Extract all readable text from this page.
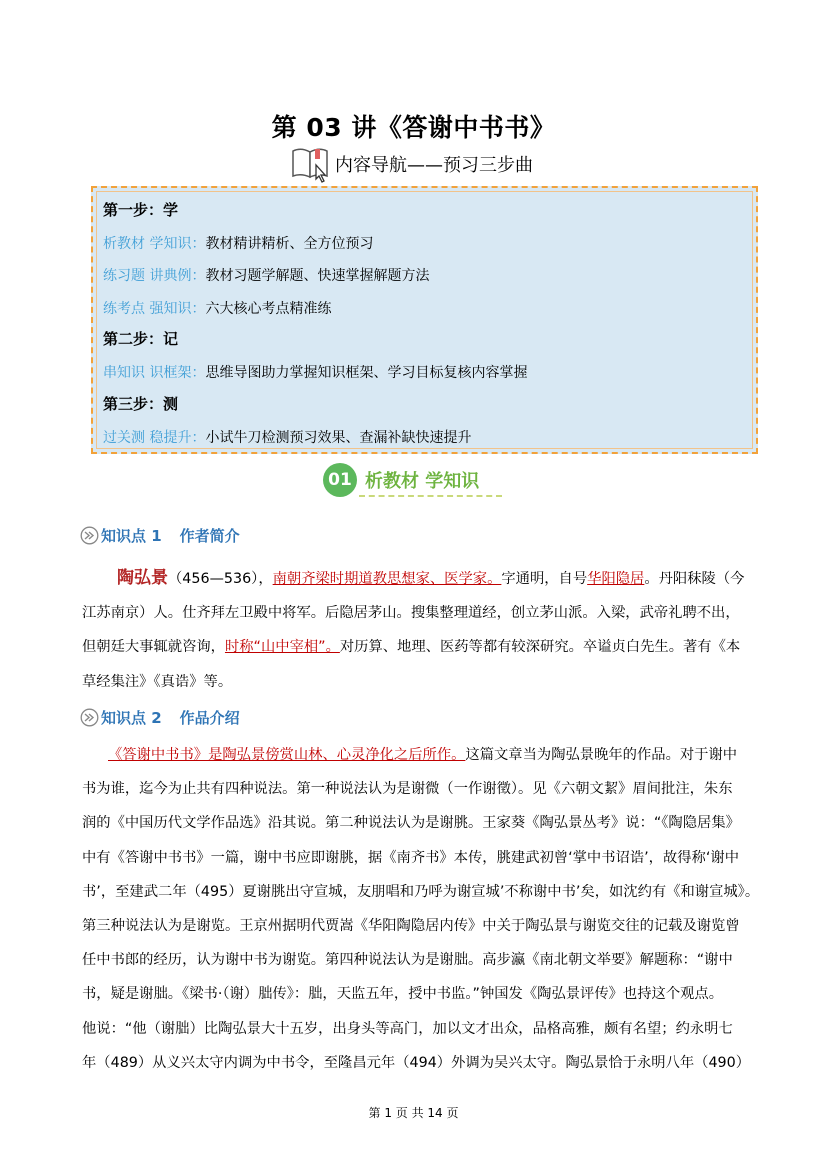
第 03 讲《答谢中书书》
内容导航——预习三步曲
第一步：学
析教材 学知识：教材精讲精析、全方位预习
练习题 讲典例：教材习题学解题、快速掌握解题方法
练考点 强知识：六大核心考点精准练
第二步：记
串知识 识框架：思维导图助力掌握知识框架、学习目标复核内容掌握
第三步：测
过关测 稳提升：小试牛刀检测预习效果、查漏补缺快速提升
01 析教材 学知识
知识点 1 作者简介

陶弘景（456—536），南朝齐梁时期道教思想家、医学家。字通明，自号华阳隐居。丹阳秣陵（今

江苏南京）人。仕齐拜左卫殿中将军。后隐居茅山。搜集整理道经，创立茅山派。入梁，武帝礼聘不出，

但朝廷大事辄就咨询，时称“山中宰相”。对历算、地理、医药等都有较深研究。卒谥贞白先生。著有《本

草经集注》《真诰》等。

知识点 2 作品介绍

《答谢中书书》是陶弘景傍赏山林、心灵净化之后所作。这篇文章当为陶弘景晚年的作品。对于谢中

书为谁，迄今为止共有四种说法。第一种说法认为是谢微（一作谢徵）。见《六朝文絜》眉间批注，朱东

润的《中国历代文学作品选》沿其说。第二种说法认为是谢朓。王家葵《陶弘景丛考》说：“《陶隐居集》

中有《答谢中书书》一篇，谢中书应即谢朓，据《南齐书》本传，朓建武初曾‘掌中书诏诰’，故得称‘谢中

书’，至建武二年（495）夏谢朓出守宣城，友朋唱和乃呼为谢宣城’不称谢中书’矣，如沈约有《和谢宣城》。

第三种说法认为是谢览。王京州据明代贾嵩《华阳陶隐居内传》中关于陶弘景与谢览交往的记载及谢览曾

任中书郎的经历，认为谢中书为谢览。第四种说法认为是谢朏。高步瀛《南北朝文举要》解题称：“谢中

书，疑是谢朏。《梁书·（谢）朏传》：朏，天监五年，授中书监。”钟国发《陶弘景评传》也持这个观点。

他说：“他（谢朏）比陶弘景大十五岁，出身头等高门，加以文才出众，品格高雅，颇有名望；约永明七

年（489）从义兴太守内调为中书令，至隆昌元年（494）外调为吴兴太守。陶弘景恰于永明八年（490）

第 1 页 共 14 页
